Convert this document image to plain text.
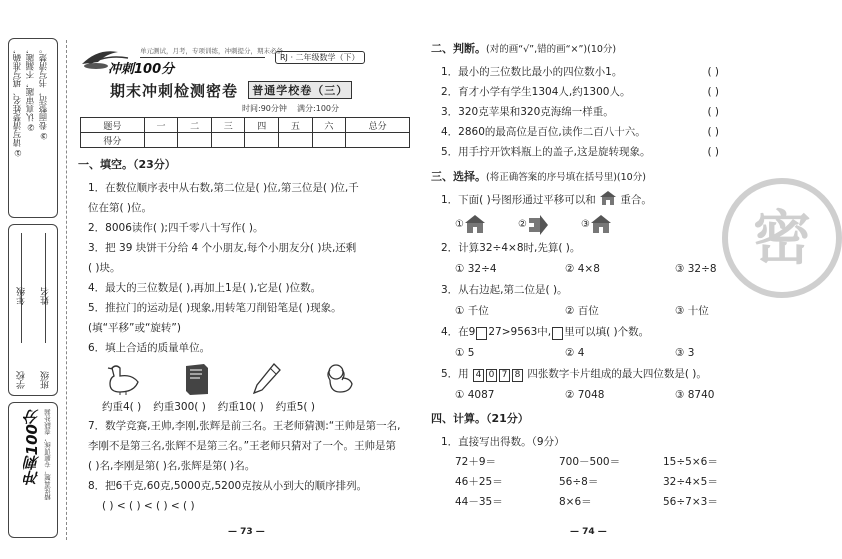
①请写清楚姓名、填写准确， ②认真审题，不漏题， ③卷面整洁，书写清楚。
学校 班级
年级 姓名
冲刺100分 精选真题，专题训练，查缺补漏
冲刺100分
单元测试，月考，专项训练，冲刺提分，期末必备
RJ · 二年级数学（下）
期末冲刺检测密卷 普通学校卷（三）
时间:90分钟 满分:100分
题号	一	二	三	四	五	六	总分
得分							
一、填空。（23分）
1．在数位顺序表中从右数,第二位是( )位,第三位是( )位,千
位在第( )位。
2．8006读作( );四千零八十写作( )。
3．把 39 块饼干分给 4 个小朋友,每个小朋友分( )块,还剩
( )块。
4．最大的三位数是( ),再加上1是( ),它是( )位数。
5．推拉门的运动是( )现象,用转笔刀削铅笔是( )现象。
(填“平移”或“旋转”)
6．填上合适的质量单位。
约重4( ) 约重300( ) 约重10( ) 约重5( )
7．数学竞赛,王帅,李刚,张辉是前三名。王老师猜测:“王帅是第一名,
李刚不是第三名,张辉不是第三名。”王老师只猜对了一个。王帅是第
( )名,李刚是第( )名,张辉是第( )名。
8．把6千克,60克,5000克,5200克按从小到大的顺序排列。
( ) < ( ) < ( ) < ( )
二、判断。(对的画“√”,错的画“×”)(10分)
1．最小的三位数比最小的四位数小1。	( )
2．育才小学有学生1304人,约1300人。	( )
3．320克苹果和320克海绵一样重。	( )
4．2860的最高位是百位,读作二百八十六。	( )
5．用手拧开饮料瓶上的盖子,这是旋转现象。	( )
三、选择。(将正确答案的序号填在括号里)(10分)
1．下面( )号图形通过平移可以和 重合。
①	②	③
2．计算32÷4×8时,先算( )。
① 32÷4	② 4×8	③ 32÷8
3．从右边起,第二位是( )。
① 千位	② 百位	③ 十位
4．在9 27>9563中, 里可以填( )个数。
① 5	② 4	③ 3
5．用 4 0 7 8 四张数字卡片组成的最大四位数是( )。
① 4087	② 7048	③ 8740
四、计算。（21分）
1．直接写出得数。（9分）
72＋9＝	700－500＝	15÷5×6＝
46＋25＝	56÷8＝	32÷4×5＝
44－35＝	8×6＝	56÷7×3＝
密
— 73 —	— 74 —
